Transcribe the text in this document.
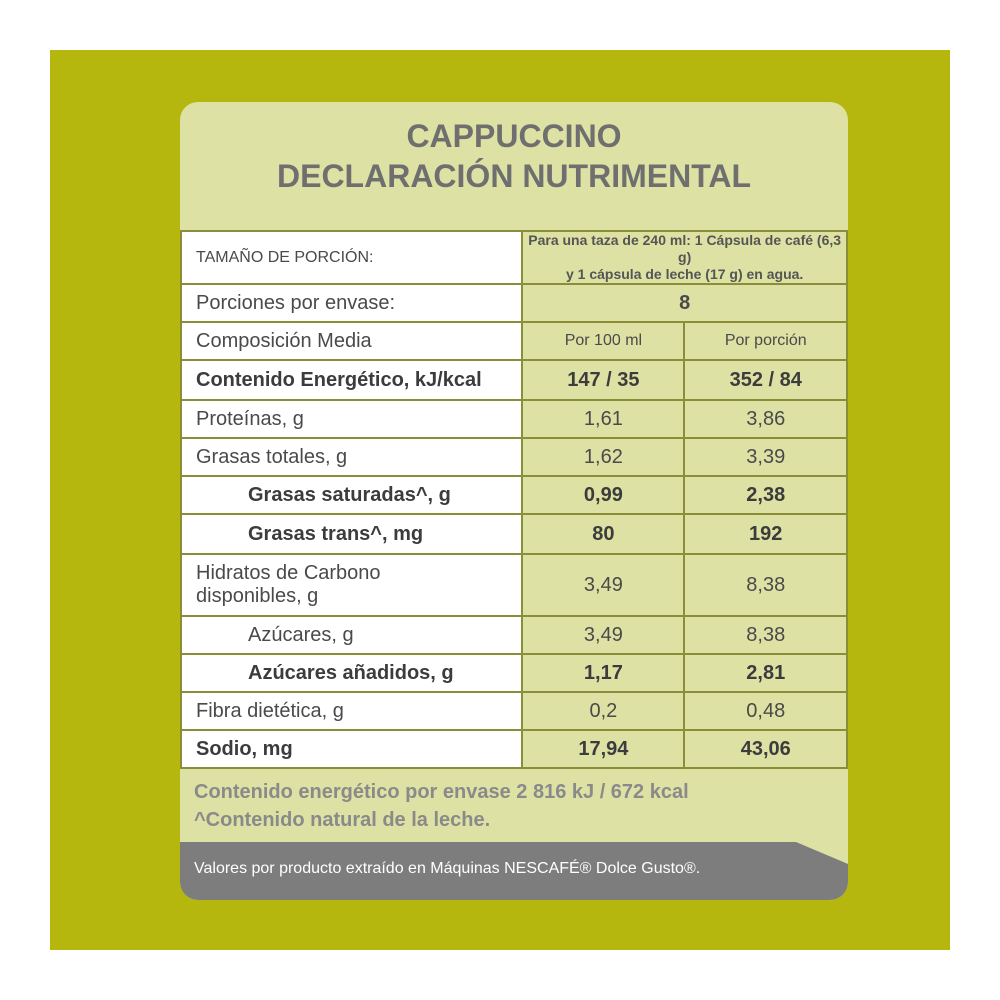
CAPPUCCINO
DECLARACIÓN NUTRIMENTAL
TAMAÑO DE PORCIÓN:	Para una taza de 240 ml: 1 Cápsula de café (6,3 g)
y 1 cápsula de leche (17 g) en agua.	

Porciones por envase:	8	
Composición Media	Por 100 ml	Por porción
Contenido Energético, kJ/kcal	147 / 35	352 / 84
Proteínas, g	1,61	3,86
Grasas totales, g	1,62	3,39
Grasas saturadas^, g	0,99	2,38
Grasas trans^, mg	80	192

Hidratos de Carbono
disponibles, g	3,49	8,38
Azúcares, g	3,49	8,38
Azúcares añadidos, g	1,17	2,81
Fibra dietética, g	0,2	0,48
Sodio, mg	17,94	43,06
Contenido energético por envase 2 816 kJ / 672 kcal
^Contenido natural de la leche.
Valores por producto extraído en Máquinas NESCAFÉ® Dolce Gusto®.
